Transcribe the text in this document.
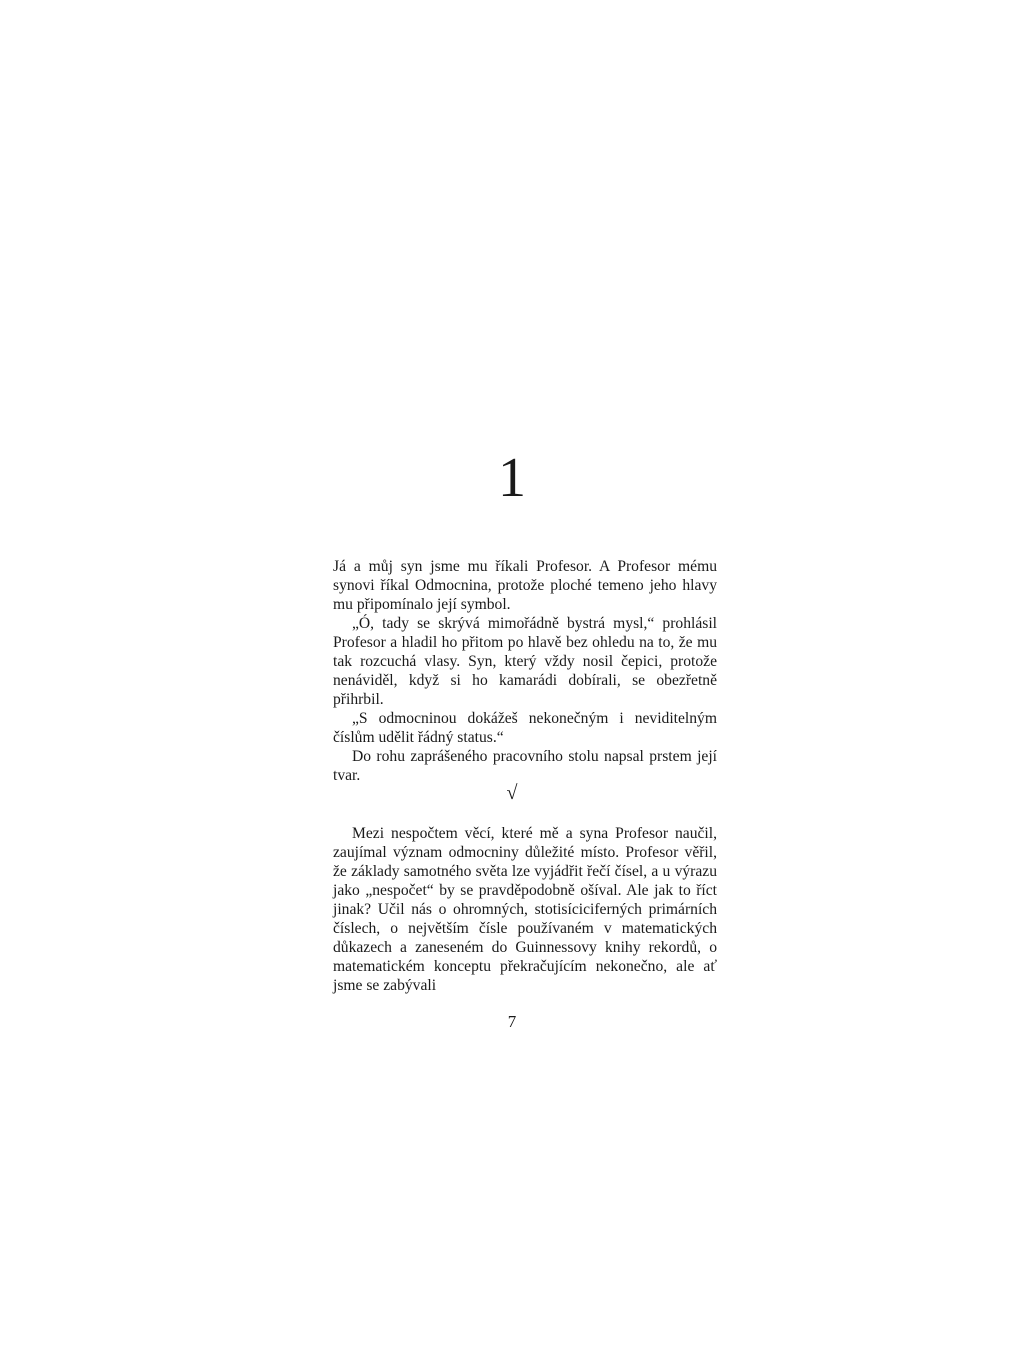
1

Já a můj syn jsme mu říkali Profesor. A Profesor mému synovi říkal Odmocnina, protože ploché temeno jeho hlavy mu připomínalo její symbol.

„Ó, tady se skrývá mimořádně bystrá mysl,“ prohlásil Profesor a hladil ho přitom po hlavě bez ohledu na to, že mu tak rozcuchá vlasy. Syn, který vždy nosil čepici, protože nenáviděl, když si ho kamarádi dobírali, se obezřetně přihrbil.

„S odmocninou dokážeš nekonečným i neviditelným číslům udělit řádný status.“

Do rohu zaprášeného pracovního stolu napsal prstem její tvar.

√

Mezi nespočtem věcí, které mě a syna Profesor naučil, zaujímal význam odmocniny důležité místo. Profesor věřil, že základy samotného světa lze vyjádřit řečí čísel, a u výrazu jako „nespočet“ by se pravděpodobně ošíval. Ale jak to říct jinak? Učil nás o ohromných, stotisíciciferných primárních číslech, o největším čísle používaném v matematických důkazech a zaneseném do Guinnessovy knihy rekordů, o matematickém konceptu překračujícím nekonečno, ale ať jsme se zabývali

7
